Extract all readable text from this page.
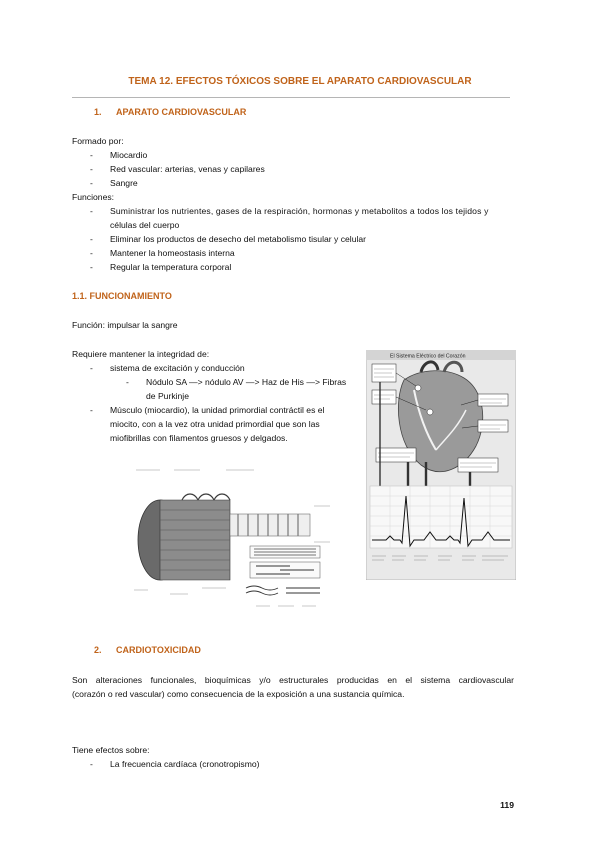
TEMA 12. EFECTOS TÓXICOS SOBRE EL APARATO CARDIOVASCULAR
1. APARATO CARDIOVASCULAR
Formado por:
- Miocardio
- Red vascular: arterias, venas y capilares
- Sangre
Funciones:
- Suministrar los nutrientes, gases de la respiración, hormonas y metabolitos a todos los tejidos y
células del cuerpo
- Eliminar los productos de desecho del metabolismo tisular y celular
- Mantener la homeostasis interna
- Regular la temperatura corporal
1.1. FUNCIONAMIENTO
Función: impulsar la sangre
Requiere mantener la integridad de:
- sistema de excitación y conducción
- Nódulo SA —> nódulo AV —> Haz de His —> Fibras
de Purkinje
- Músculo (miocardio), la unidad primordial contráctil es el
miocito, con a la vez otra unidad primordial que son las
miofibrillas con filamentos gruesos y delgados.
El Sistema Eléctrico del Corazón
2. CARDIOTOXICIDAD
Son alteraciones funcionales, bioquímicas y/o estructurales producidas en el sistema cardiovascular
(corazón o red vascular) como consecuencia de la exposición a una sustancia química.
Tiene efectos sobre:
- La frecuencia cardíaca (cronotropismo)
119
